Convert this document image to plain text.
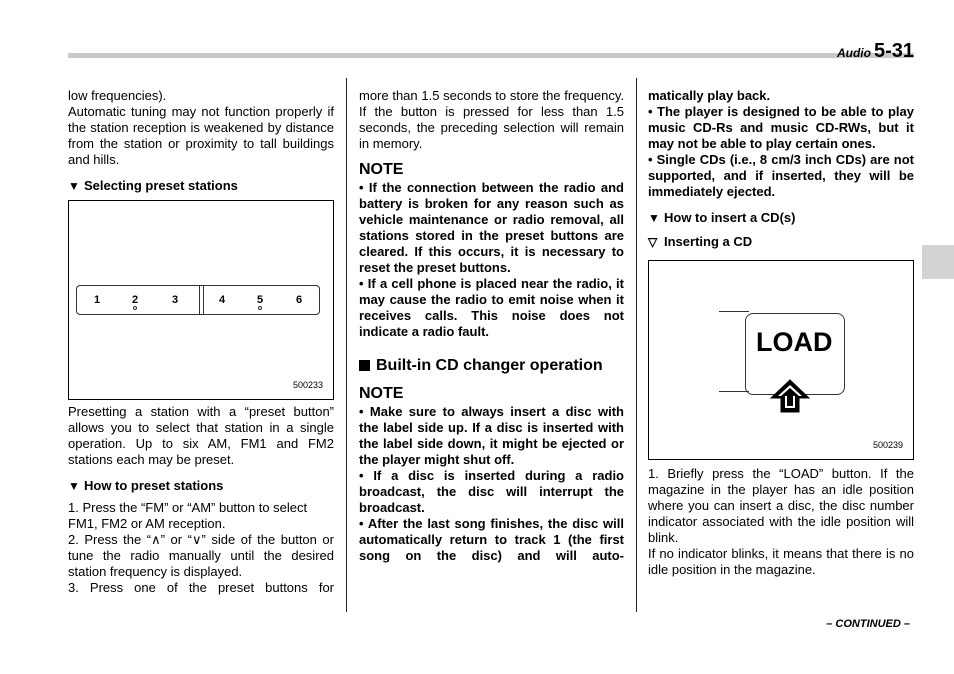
Audio 5-31

low frequencies).

Automatic tuning may not function properly if the station reception is weakened by distance from the station or proximity to tall buildings and hills.

▼ Selecting preset stations
1	2	3	4	5	6
500233

Presetting a station with a “preset button” allows you to select that station in a single operation. Up to six AM, FM1 and FM2 stations each may be preset.

▼ How to preset stations

1. Press the “FM” or “AM” button to select FM1, FM2 or AM reception.

2. Press the “∧” or “∨” side of the button or tune the radio manually until the desired station frequency is displayed.

3. Press one of the preset buttons for

more than 1.5 seconds to store the frequency. If the button is pressed for less than 1.5 seconds, the preceding selection will remain in memory.

NOTE

• If the connection between the radio and battery is broken for any reason such as vehicle maintenance or radio removal, all stations stored in the preset buttons are cleared. If this occurs, it is necessary to reset the preset buttons.

• If a cell phone is placed near the radio, it may cause the radio to emit noise when it receives calls. This noise does not indicate a radio fault.

Built-in CD changer operation
NOTE

• Make sure to always insert a disc with the label side up. If a disc is inserted with the label side down, it might be ejected or the player might shut off.

• If a disc is inserted during a radio broadcast, the disc will interrupt the broadcast.

• After the last song finishes, the disc will automatically return to track 1 (the first song on the disc) and will auto-

matically play back.

• The player is designed to be able to play music CD-Rs and music CD-RWs, but it may not be able to play certain ones.

• Single CDs (i.e., 8 cm/3 inch CDs) are not supported, and if inserted, they will be immediately ejected.

▼ How to insert a CD(s)
▽ Inserting a CD
LOAD
500239

1. Briefly press the “LOAD” button. If the magazine in the player has an idle position where you can insert a disc, the disc number indicator associated with the idle position will blink.

If no indicator blinks, it means that there is no idle position in the magazine.

– CONTINUED –
